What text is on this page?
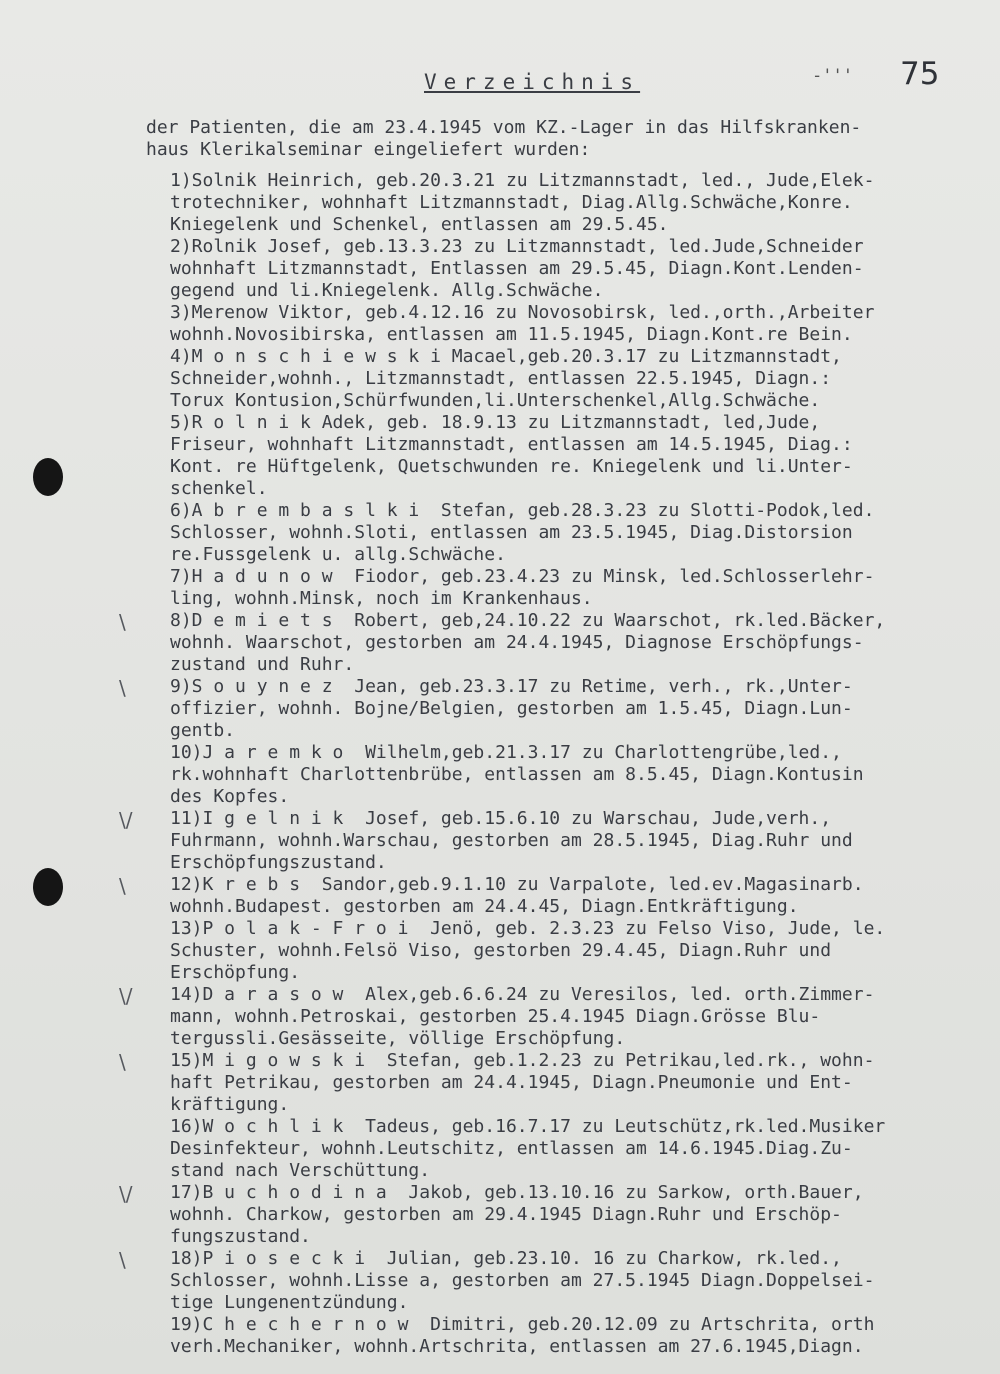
Verzeichnis	-''' 75

der Patienten, die am 23.4.1945 vom KZ.-Lager in das Hilfskranken-
haus Klerikalseminar eingeliefert wurden:

1)Solnik Heinrich, geb.20.3.21 zu Litzmannstadt, led., Jude,Elek-
trotechniker, wohnhaft Litzmannstadt, Diag.Allg.Schwäche,Konre.
Kniegelenk und Schenkel, entlassen am 29.5.45.
2)Rolnik Josef, geb.13.3.23 zu Litzmannstadt, led.Jude,Schneider
wohnhaft Litzmannstadt, Entlassen am 29.5.45, Diagn.Kont.Lenden-
gegend und li.Kniegelenk. Allg.Schwäche.
3)Merenow Viktor, geb.4.12.16 zu Novosobirsk, led.,orth.,Arbeiter
wohnh.Novosibirska, entlassen am 11.5.1945, Diagn.Kont.re Bein.
4)M o n s c h i e w s k i Macael,geb.20.3.17 zu Litzmannstadt,
Schneider,wohnh., Litzmannstadt, entlassen 22.5.1945, Diagn.:
Torux Kontusion,Schürfwunden,li.Unterschenkel,Allg.Schwäche.
5)R o l n i k Adek, geb. 18.9.13 zu Litzmannstadt, led,Jude,
Friseur, wohnhaft Litzmannstadt, entlassen am 14.5.1945, Diag.:
Kont. re Hüftgelenk, Quetschwunden re. Kniegelenk und li.Unter-
schenkel.
6)A b r e m b a s l k i  Stefan, geb.28.3.23 zu Slotti-Podok,led.
Schlosser, wohnh.Sloti, entlassen am 23.5.1945, Diag.Distorsion
re.Fussgelenk u. allg.Schwäche.
7)H a d u n o w  Fiodor, geb.23.4.23 zu Minsk, led.Schlosserlehr-
ling, wohnh.Minsk, noch im Krankenhaus.
\ 8)D e m i e t s  Robert, geb,24.10.22 zu Waarschot, rk.led.Bäcker,
wohnh. Waarschot, gestorben am 24.4.1945, Diagnose Erschöpfungs-
zustand und Ruhr.
\ 9)S o u y n e z  Jean, geb.23.3.17 zu Retime, verh., rk.,Unter-
offizier, wohnh. Bojne/Belgien, gestorben am 1.5.45, Diagn.Lun-
gentb.
10)J a r e m k o  Wilhelm,geb.21.3.17 zu Charlottengrübe,led.,
rk.wohnhaft Charlottenbrübe, entlassen am 8.5.45, Diagn.Kontusin
des Kopfes.
\/ 11)I g e l n i k  Josef, geb.15.6.10 zu Warschau, Jude,verh.,
Fuhrmann, wohnh.Warschau, gestorben am 28.5.1945, Diag.Ruhr und
Erschöpfungszustand.
\ 12)K r e b s  Sandor,geb.9.1.10 zu Varpalote, led.ev.Magasinarb.
wohnh.Budapest. gestorben am 24.4.45, Diagn.Entkräftigung.
13)P o l a k - F r o i  Jenö, geb. 2.3.23 zu Felso Viso, Jude, le.
Schuster, wohnh.Felsö Viso, gestorben 29.4.45, Diagn.Ruhr und
Erschöpfung.
\/ 14)D a r a s o w  Alex,geb.6.6.24 zu Veresilos, led. orth.Zimmer-
mann, wohnh.Petroskai, gestorben 25.4.1945 Diagn.Grösse Blu-
tergussli.Gesässeite, völlige Erschöpfung.
\ 15)M i g o w s k i  Stefan, geb.1.2.23 zu Petrikau,led.rk., wohn-
haft Petrikau, gestorben am 24.4.1945, Diagn.Pneumonie und Ent-
kräftigung.
16)W o c h l i k  Tadeus, geb.16.7.17 zu Leutschütz,rk.led.Musiker
Desinfekteur, wohnh.Leutschitz, entlassen am 14.6.1945.Diag.Zu-
stand nach Verschüttung.
\/ 17)B u c h o d i n a  Jakob, geb.13.10.16 zu Sarkow, orth.Bauer,
wohnh. Charkow, gestorben am 29.4.1945 Diagn.Ruhr und Erschöp-
fungszustand.
\ 18)P i o s e c k i  Julian, geb.23.10. 16 zu Charkow, rk.led.,
Schlosser, wohnh.Lisse a, gestorben am 27.5.1945 Diagn.Doppelsei-
tige Lungenentzündung.
19)C h e c h e r n o w  Dimitri, geb.20.12.09 zu Artschrita, orth
verh.Mechaniker, wohnh.Artschrita, entlassen am 27.6.1945,Diagn.
